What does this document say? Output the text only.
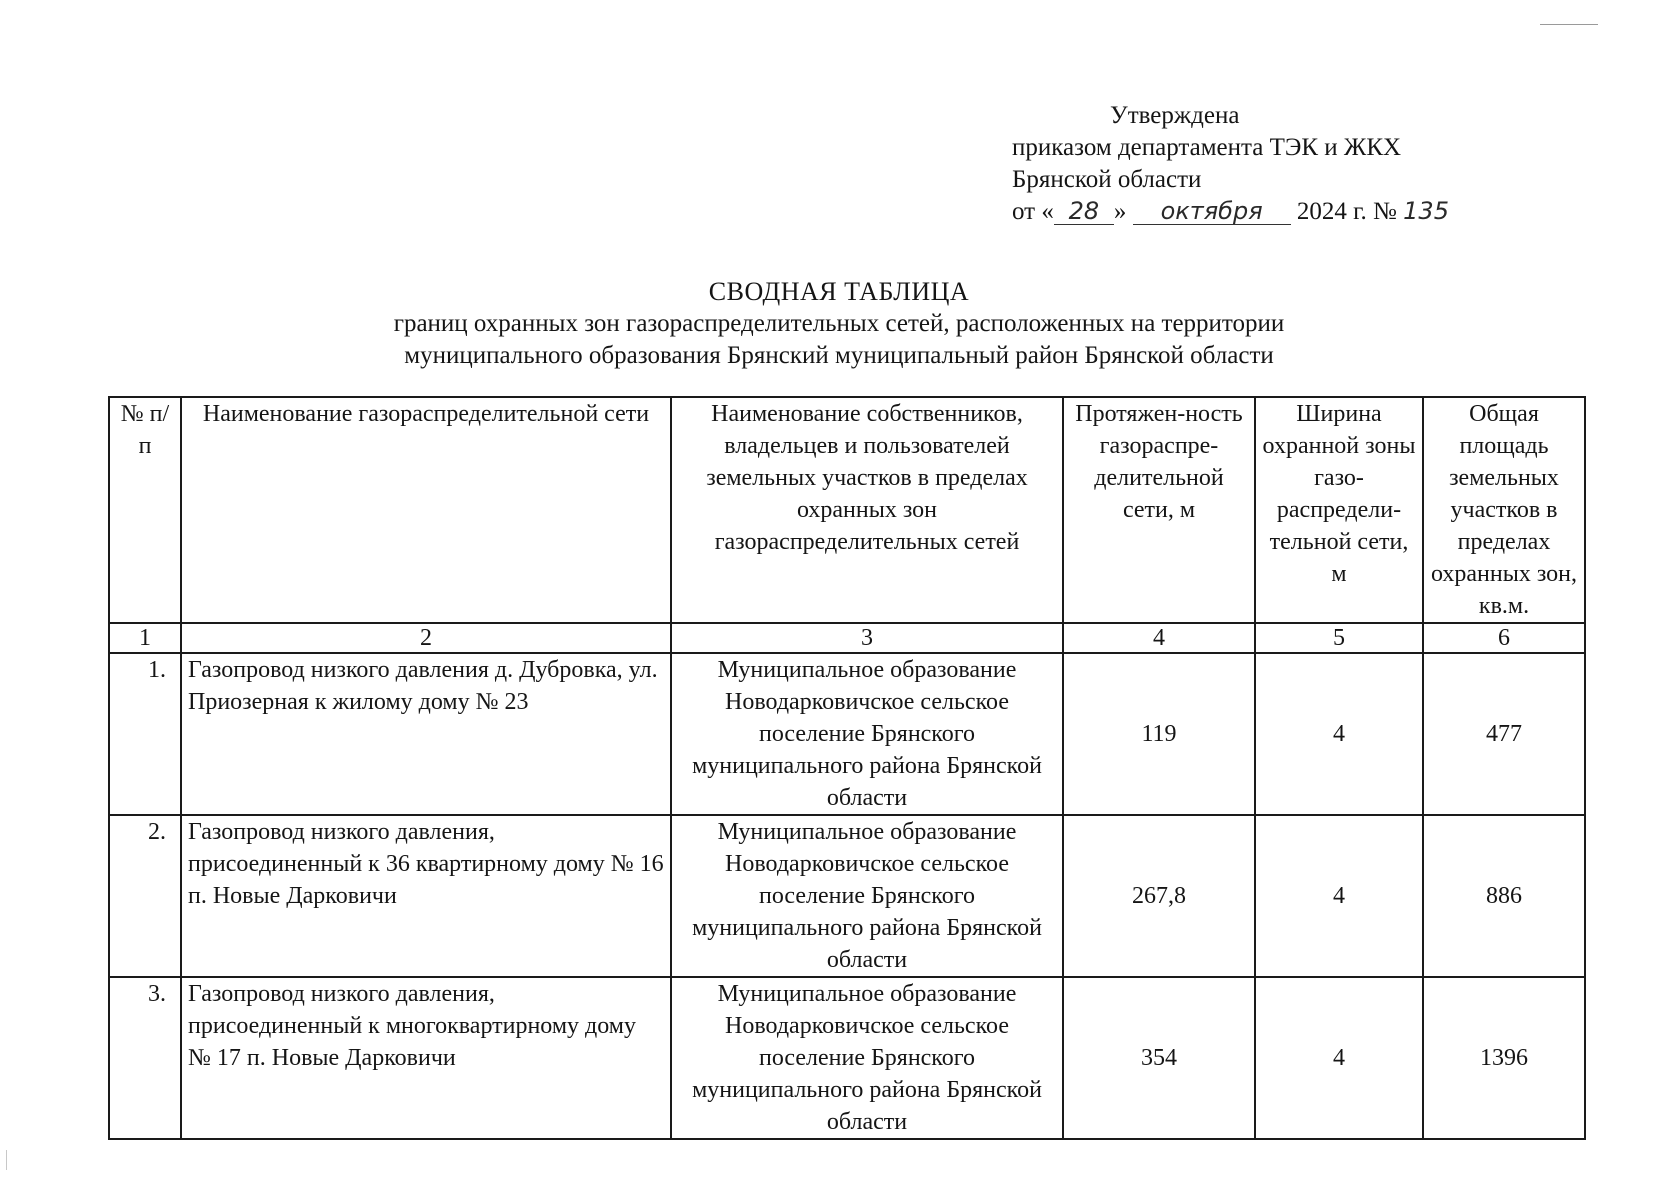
Утверждена
приказом департамента ТЭК и ЖКХ
Брянской области
от « 28 » октября 2024 г. № 135
СВОДНАЯ ТАБЛИЦА
границ охранных зон газораспределительных сетей, расположенных на территории
муниципального образования Брянский муниципальный район Брянской области
№ п/п	Наименование газораспределительной сети	Наименование собственников, владельцев и пользователей земельных участков в пределах охранных зон газораспределительных сетей	Протяжен-ность газораспре-делительной сети, м	Ширина охранной зоны газо-распредели-тельной сети, м	Общая площадь земельных участков в пределах охранных зон, кв.м.
1	2	3	4	5	6
1.	Газопровод низкого давления д. Дубровка, ул. Приозерная к жилому дому № 23	Муниципальное образование Новодарковичское сельское поселение Брянского муниципального района Брянской области	119	4	477
2.	Газопровод низкого давления, присоединенный к 36 квартирному дому № 16 п. Новые Дарковичи	Муниципальное образование Новодарковичское сельское поселение Брянского муниципального района Брянской области	267,8	4	886
3.	Газопровод низкого давления, присоединенный к многоквартирному дому № 17 п. Новые Дарковичи	Муниципальное образование Новодарковичское сельское поселение Брянского муниципального района Брянской области	354	4	1396
